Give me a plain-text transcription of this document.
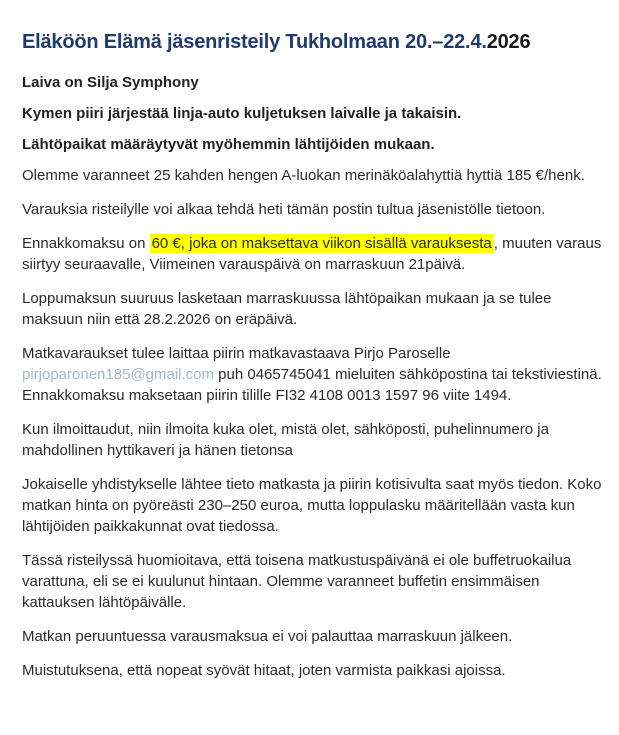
Eläköön Elämä jäsenristeily Tukholmaan 20.–22.4.2026

Laiva on Silja Symphony

Kymen piiri järjestää linja-auto kuljetuksen laivalle ja takaisin.

Lähtöpaikat määräytyvät myöhemmin lähtijöiden mukaan.

Olemme varanneet 25 kahden hengen A-luokan merinäköalahyttiä hyttiä 185 €/henk.

Varauksia risteilylle voi alkaa tehdä heti tämän postin tultua jäsenistölle tietoon.

Ennakkomaksu on 60 €, joka on maksettava viikon sisällä varauksesta , muuten varaus siirtyy seuraavalle, Viimeinen varauspäivä on marraskuun 21päivä.

Loppumaksun suuruus lasketaan marraskuussa lähtöpaikan mukaan ja se tulee maksuun niin että 28.2.2026 on eräpäivä.

Matkavaraukset tulee laittaa piirin matkavastaava Pirjo Paroselle pirjoparonen185@gmail.com puh 0465745041 mieluiten sähköpostina tai tekstiviestinä. Ennakkomaksu maksetaan piirin tilille FI32 4108 0013 1597 96 viite 1494.

Kun ilmoittaudut, niin ilmoita kuka olet, mistä olet, sähköposti, puhelinnumero ja mahdollinen hyttikaveri ja hänen tietonsa

Jokaiselle yhdistykselle lähtee tieto matkasta ja piirin kotisivulta saat myös tiedon. Koko matkan hinta on pyöreästi 230–250 euroa, mutta loppulasku määritellään vasta kun lähtijöiden paikkakunnat ovat tiedossa.

Tässä risteilyssä huomioitava, että toisena matkustuspäivänä ei ole buffetruokailua varattuna, eli se ei kuulunut hintaan. Olemme varanneet buffetin ensimmäisen kattauksen lähtöpäivälle.

Matkan peruuntuessa varausmaksua ei voi palauttaa marraskuun jälkeen.

Muistutuksena, että nopeat syövät hitaat, joten varmista paikkasi ajoissa.
